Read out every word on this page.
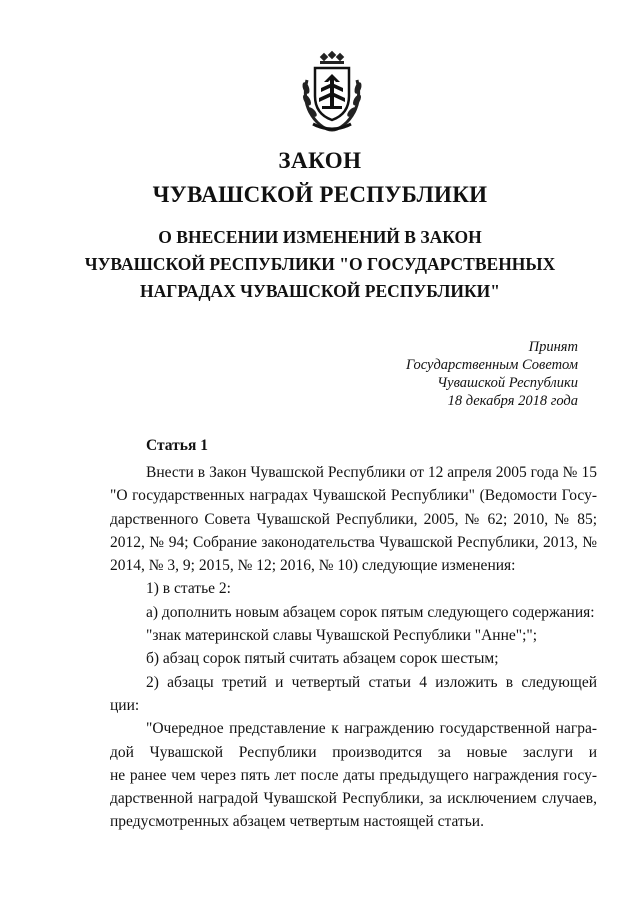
ЗАКОН
ЧУВАШСКОЙ РЕСПУБЛИКИ
О ВНЕСЕНИИ ИЗМЕНЕНИЙ В ЗАКОН
ЧУВАШСКОЙ РЕСПУБЛИКИ "О ГОСУДАРСТВЕННЫХ
НАГРАДАХ ЧУВАШСКОЙ РЕСПУБЛИКИ"
Принят
Государственным Советом
Чувашской Республики
18 декабря 2018 года
Статья 1
Внести в Закон Чувашской Республики от 12 апреля 2005 года № 15
"О государственных наградах Чувашской Республики" (Ведомости Госу-
дарственного Совета Чувашской Республики, 2005, № 62; 2010, № 85;
2012, № 94; Собрание законодательства Чувашской Республики, 2013, №
2014, № 3, 9; 2015, № 12; 2016, № 10) следующие изменения:
1) в статье 2:
а) дополнить новым абзацем сорок пятым следующего содержания:
"знак материнской славы Чувашской Республики "Анне";";
б) абзац сорок пятый считать абзацем сорок шестым;
2) абзацы третий и четвертый статьи 4 изложить в следующей
ции:
"Очередное представление к награждению государственной награ-
дой Чувашской Республики производится за новые заслуги и
не ранее чем через пять лет после даты предыдущего награждения госу-
дарственной наградой Чувашской Республики, за исключением случаев,
предусмотренных абзацем четвертым настоящей статьи.
